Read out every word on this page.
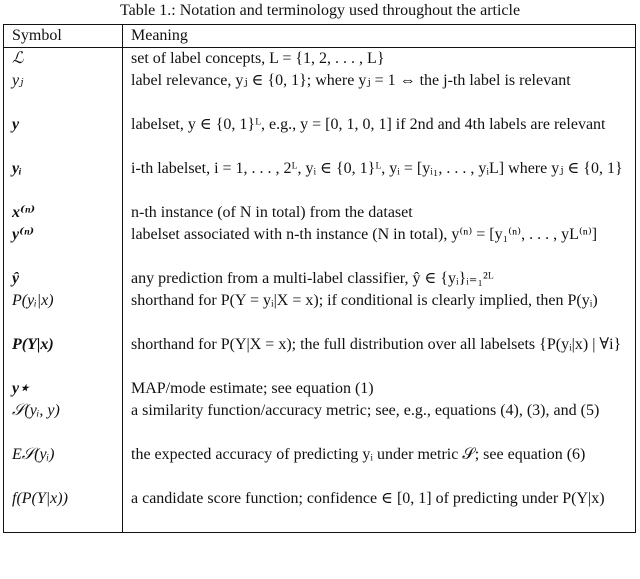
Table 1.: Notation and terminology used throughout the article
Symbol	Meaning
ℒ	set of label concepts, L = {1, 2, . . . , L}
yⱼ	label relevance, yⱼ ∈ {0, 1}; where yⱼ = 1 ⇔ the j-th label is relevant
y	labelset, y ∈ {0, 1}ᴸ, e.g., y = [0, 1, 0, 1] if 2nd and 4th labels are relevant
yᵢ	i-th labelset, i = 1, . . . , 2ᴸ, yᵢ ∈ {0, 1}ᴸ, yᵢ = [yᵢ₁, . . . , yᵢL] where yⱼ ∈ {0, 1}
x⁽ⁿ⁾	n-th instance (of N in total) from the dataset
y⁽ⁿ⁾	labelset associated with n-th instance (N in total), y⁽ⁿ⁾ = [y₁⁽ⁿ⁾, . . . , yL⁽ⁿ⁾]
ŷ	any prediction from a multi-label classifier, ŷ ∈ {yᵢ}ᵢ₌₁²ᴸ
P(yᵢ|x)	shorthand for P(Y = yᵢ|X = x); if conditional is clearly implied, then P(yᵢ)
P(Y|x)	shorthand for P(Y|X = x); the full distribution over all labelsets {P(yᵢ|x) | ∀i}
y⋆	MAP/mode estimate; see equation (1)
𝒮(yᵢ, y)	a similarity function/accuracy metric; see, e.g., equations (4), (3), and (5)
E𝒮(yᵢ)	the expected accuracy of predicting yᵢ under metric 𝒮; see equation (6)
f(P(Y|x))	a candidate score function; confidence ∈ [0, 1] of predicting under P(Y|x)
